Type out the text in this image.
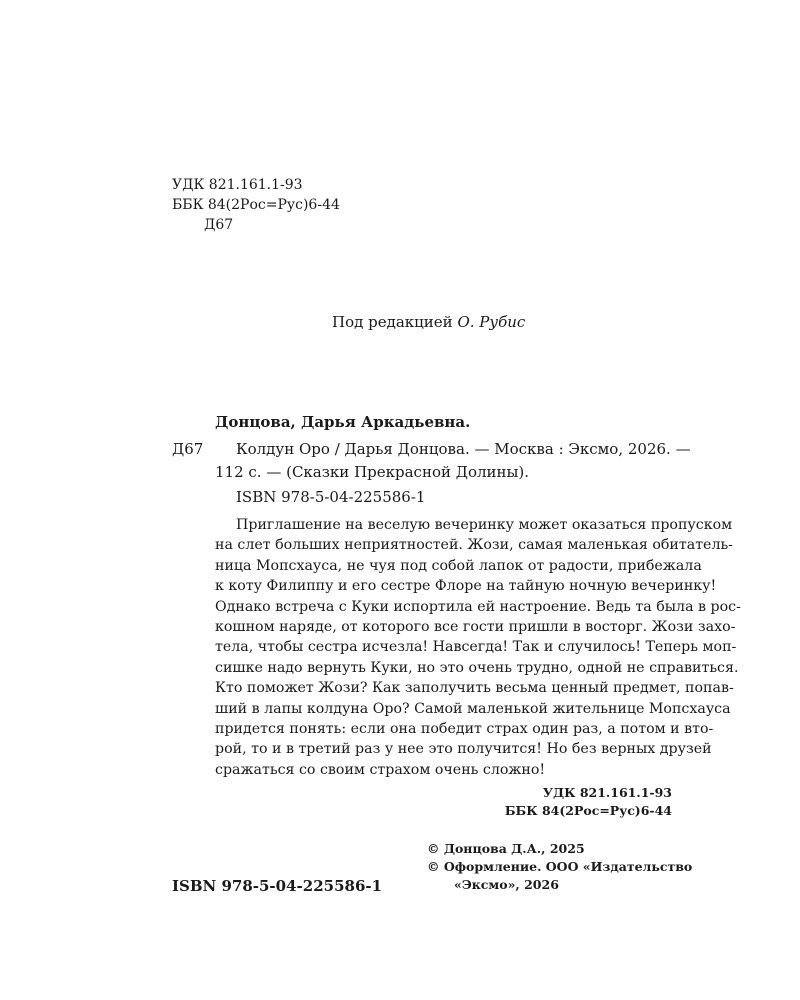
УДК 821.161.1-93
ББК 84(2Рос=Рус)6-44
Д67
Под редакцией О. Рубис
Донцова, Дарья Аркадьевна.
Д67 Колдун Оро / Дарья Донцова. — Москва : Эксмо, 2026. —
112 с. — (Сказки Прекрасной Долины).
ISBN 978-5-04-225586-1
Приглашение на веселую вечеринку может оказаться пропуском
на слет больших неприятностей. Жози, самая маленькая обитатель-
ница Мопсхауса, не чуя под собой лапок от радости, прибежала
к коту Филиппу и его сестре Флоре на тайную ночную вечеринку!
Однако встреча с Куки испортила ей настроение. Ведь та была в рос-
кошном наряде, от которого все гости пришли в восторг. Жози захо-
тела, чтобы сестра исчезла! Навсегда! Так и случилось! Теперь моп-
сишке надо вернуть Куки, но это очень трудно, одной не справиться.
Кто поможет Жози? Как заполучить весьма ценный предмет, попав-
ший в лапы колдуна Оро? Самой маленькой жительнице Мопсхауса
придется понять: если она победит страх один раз, а потом и вто-
рой, то и в третий раз у нее это получится! Но без верных друзей
сражаться со своим страхом очень сложно!
УДК 821.161.1-93
ББК 84(2Рос=Рус)6-44
ISBN 978-5-04-225586-1
© Донцова Д.А., 2025
© Оформление. ООО «Издательство
«Эксмо», 2026
